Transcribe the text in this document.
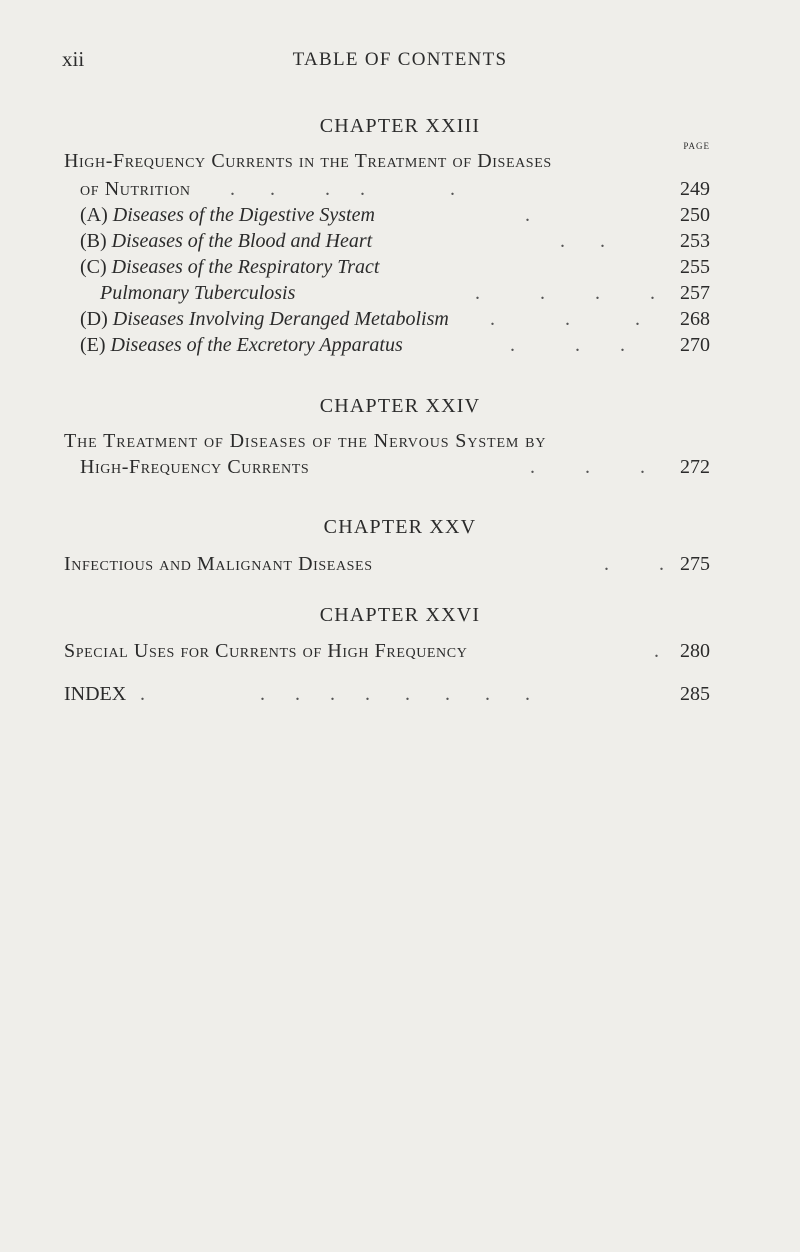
xii	TABLE OF CONTENTS
CHAPTER XXIII
PAGE
High-Frequency Currents in the Treatment of Diseases
of Nutrition .       .          .      .                 .	249
(A) Diseases of the Digestive System	.	250
(B) Diseases of the Blood and Heart	.       .	253
(C) Diseases of the Respiratory Tract	255
Pulmonary Tuberculosis	.            .          .          . 257
(D) Diseases Involving Deranged Metabolism .              .             . 268
(E) Diseases of the Excretory Apparatus	.            .        .	270
CHAPTER XXIV
The Treatment of Diseases of the Nervous System by
High-Frequency Currents	.          .          . 272
CHAPTER XXV
Infectious and Malignant Diseases	.          . 275
CHAPTER XXVI
Special Uses for Currents of High Frequency	. 280
INDEX .                       .      .      .      .       .       .       .       .	285
